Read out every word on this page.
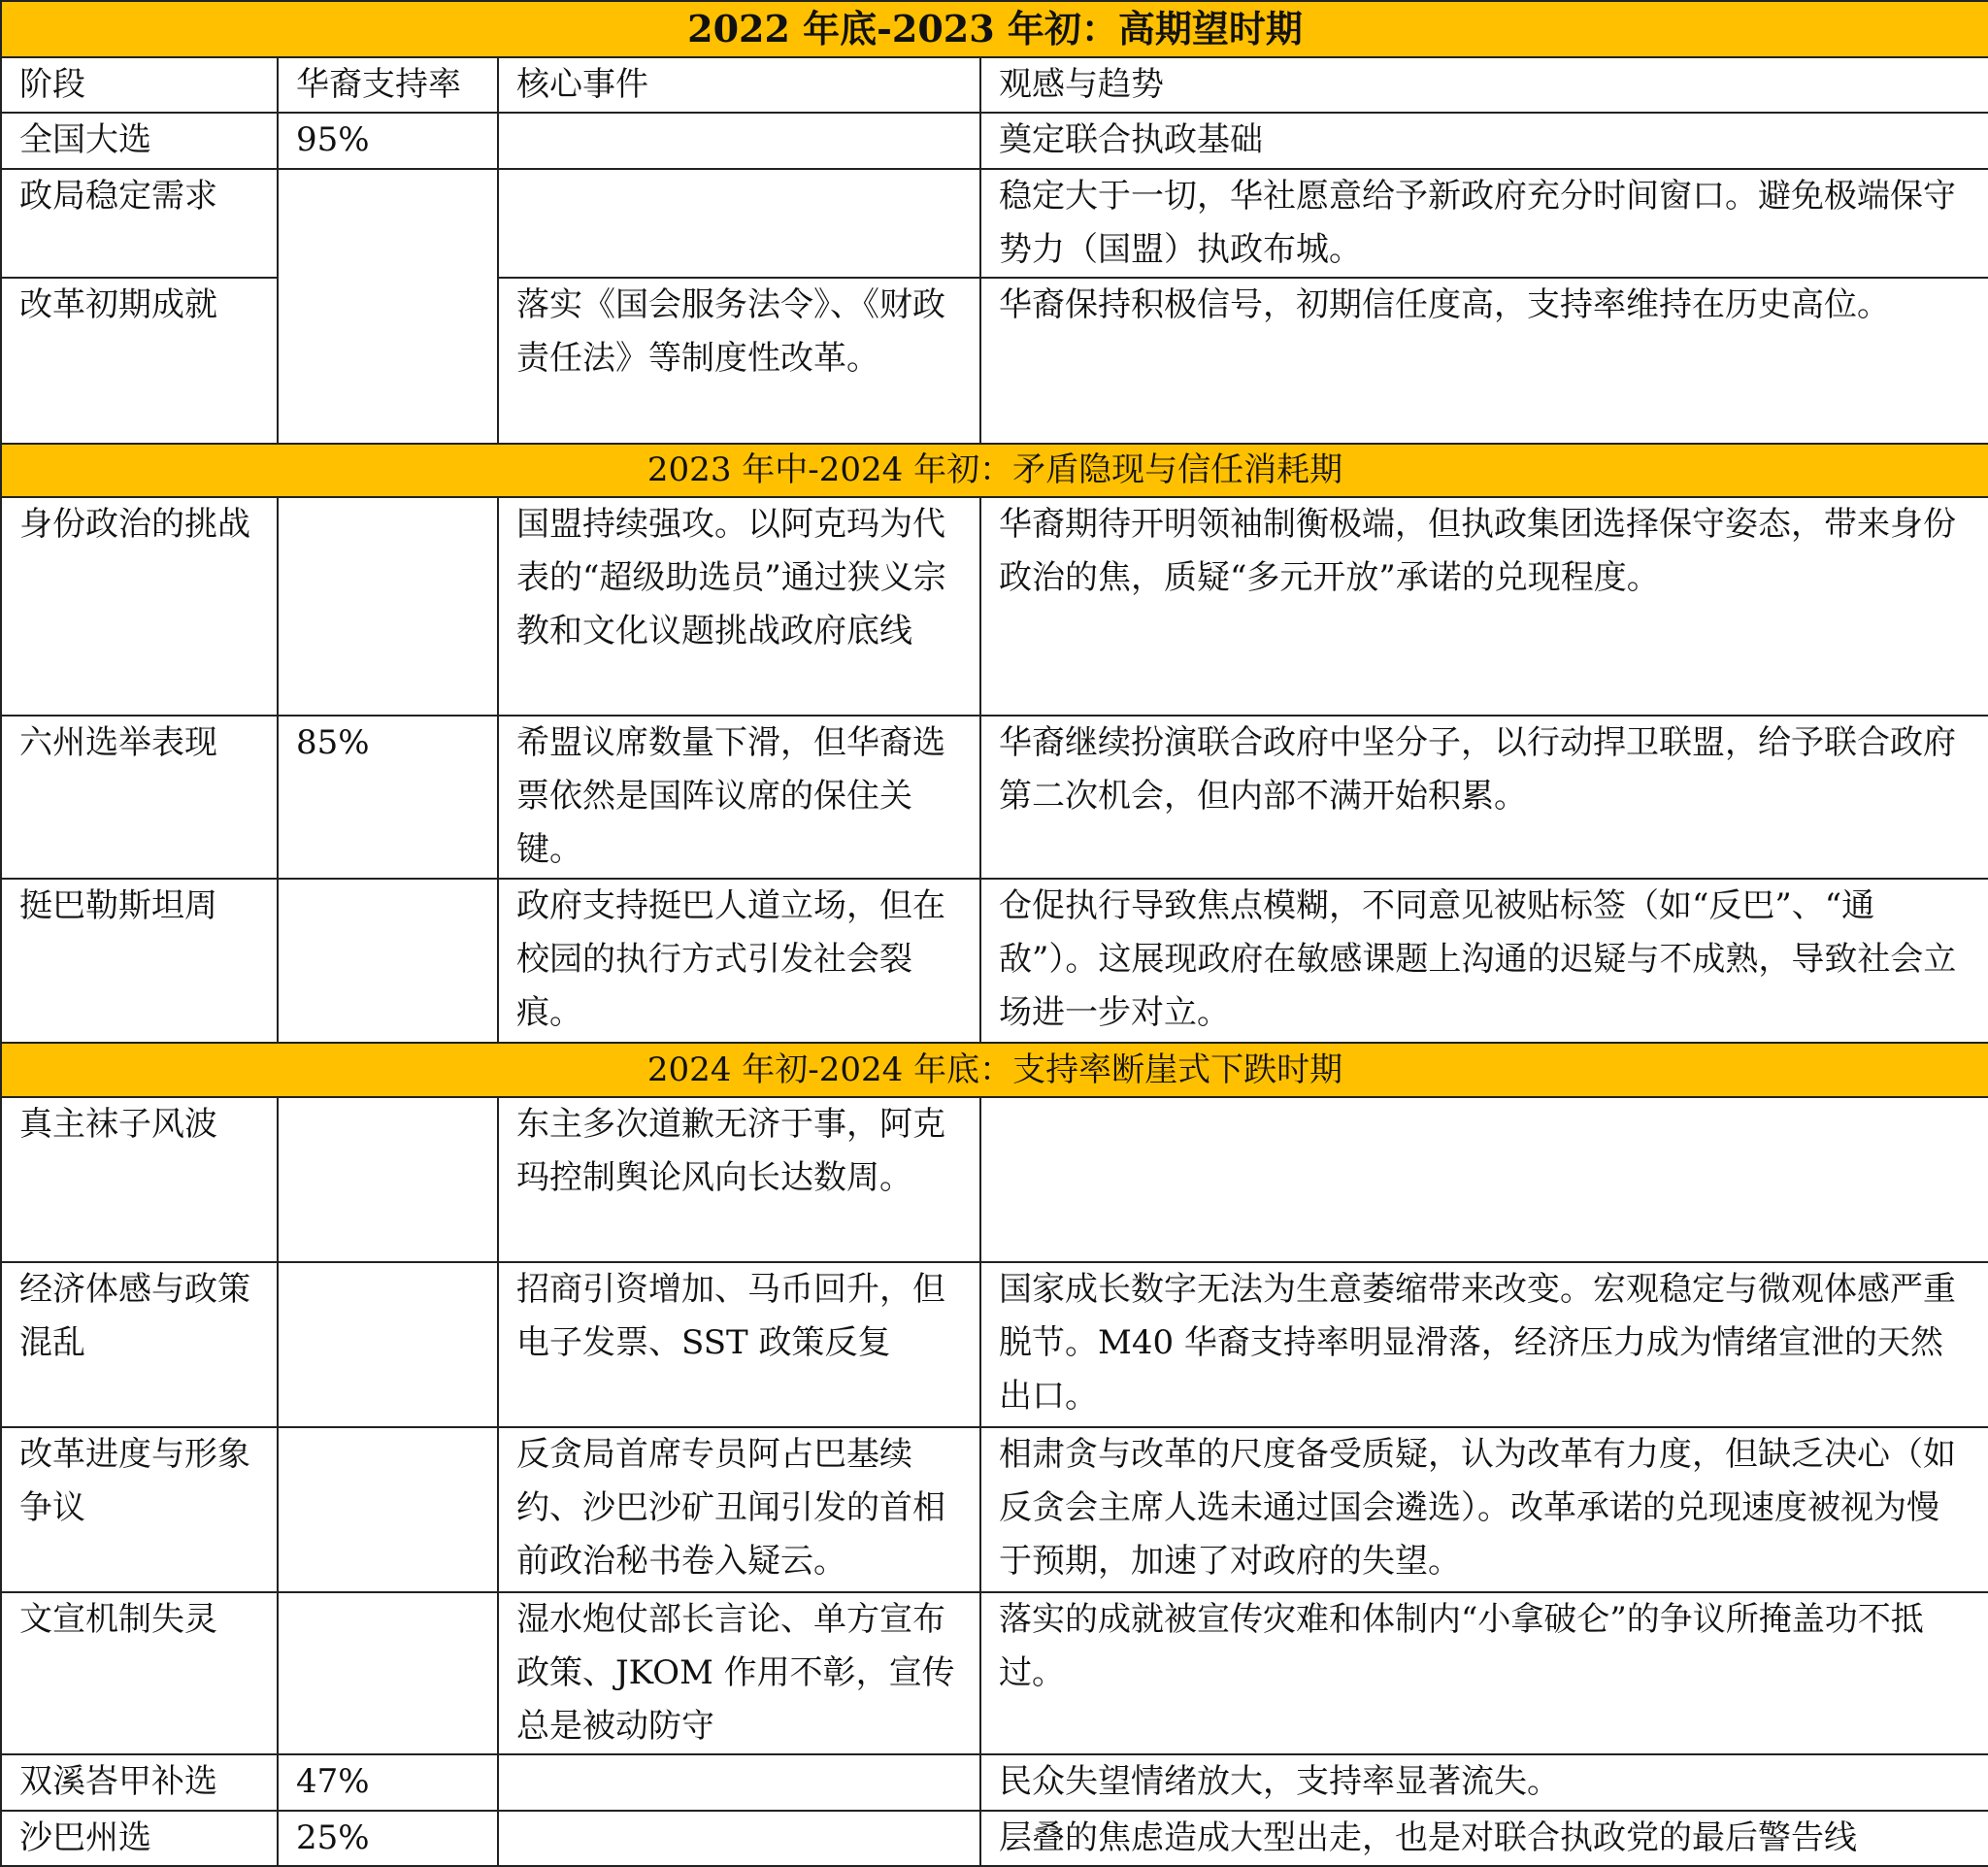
2022 年底-2023 年初：高期望时期			
阶段	华裔支持率	核心事件	观感与趋势
全国大选	95%		奠定联合执政基础
政局稳定需求			稳定大于一切，华社愿意给予新政府充分时间窗口。避免极端保守势力（国盟）执政布城。
改革初期成就		落实《国会服务法令》、《财政责任法》等制度性改革。	华裔保持积极信号，初期信任度高，支持率维持在历史高位。
2023 年中-2024 年初：矛盾隐现与信任消耗期			
身份政治的挑战		国盟持续强攻。以阿克玛为代表的“超级助选员”通过狭义宗教和文化议题挑战政府底线	华裔期待开明领袖制衡极端，但执政集团选择保守姿态，带来身份政治的焦，质疑“多元开放”承诺的兑现程度。
六州选举表现	85%	希盟议席数量下滑，但华裔选票依然是国阵议席的保住关键。	华裔继续扮演联合政府中坚分子，以行动捍卫联盟，给予联合政府第二次机会，但内部不满开始积累。
挺巴勒斯坦周		政府支持挺巴人道立场，但在校园的执行方式引发社会裂痕。	仓促执行导致焦点模糊，不同意见被贴标签（如“反巴”、“通敌”）。这展现政府在敏感课题上沟通的迟疑与不成熟，导致社会立场进一步对立。
2024 年初-2024 年底：支持率断崖式下跌时期			
真主袜子风波		东主多次道歉无济于事，阿克玛控制舆论风向长达数周。	
经济体感与政策混乱		招商引资增加、马币回升，但电子发票、SST 政策反复	国家成长数字无法为生意萎缩带来改变。宏观稳定与微观体感严重脱节。M40 华裔支持率明显滑落，经济压力成为情绪宣泄的天然出口。
改革进度与形象争议		反贪局首席专员阿占巴基续约、沙巴沙矿丑闻引发的首相前政治秘书卷入疑云。	相肃贪与改革的尺度备受质疑，认为改革有力度，但缺乏决心（如反贪会主席人选未通过国会遴选）。改革承诺的兑现速度被视为慢于预期，加速了对政府的失望。
文宣机制失灵		湿水炮仗部长言论、单方宣布政策、JKOM 作用不彰，宣传总是被动防守	落实的成就被宣传灾难和体制内“小拿破仑”的争议所掩盖功不抵过。
双溪峇甲补选	47%		民众失望情绪放大，支持率显著流失。
沙巴州选	25%		层叠的焦虑造成大型出走，也是对联合执政党的最后警告线
